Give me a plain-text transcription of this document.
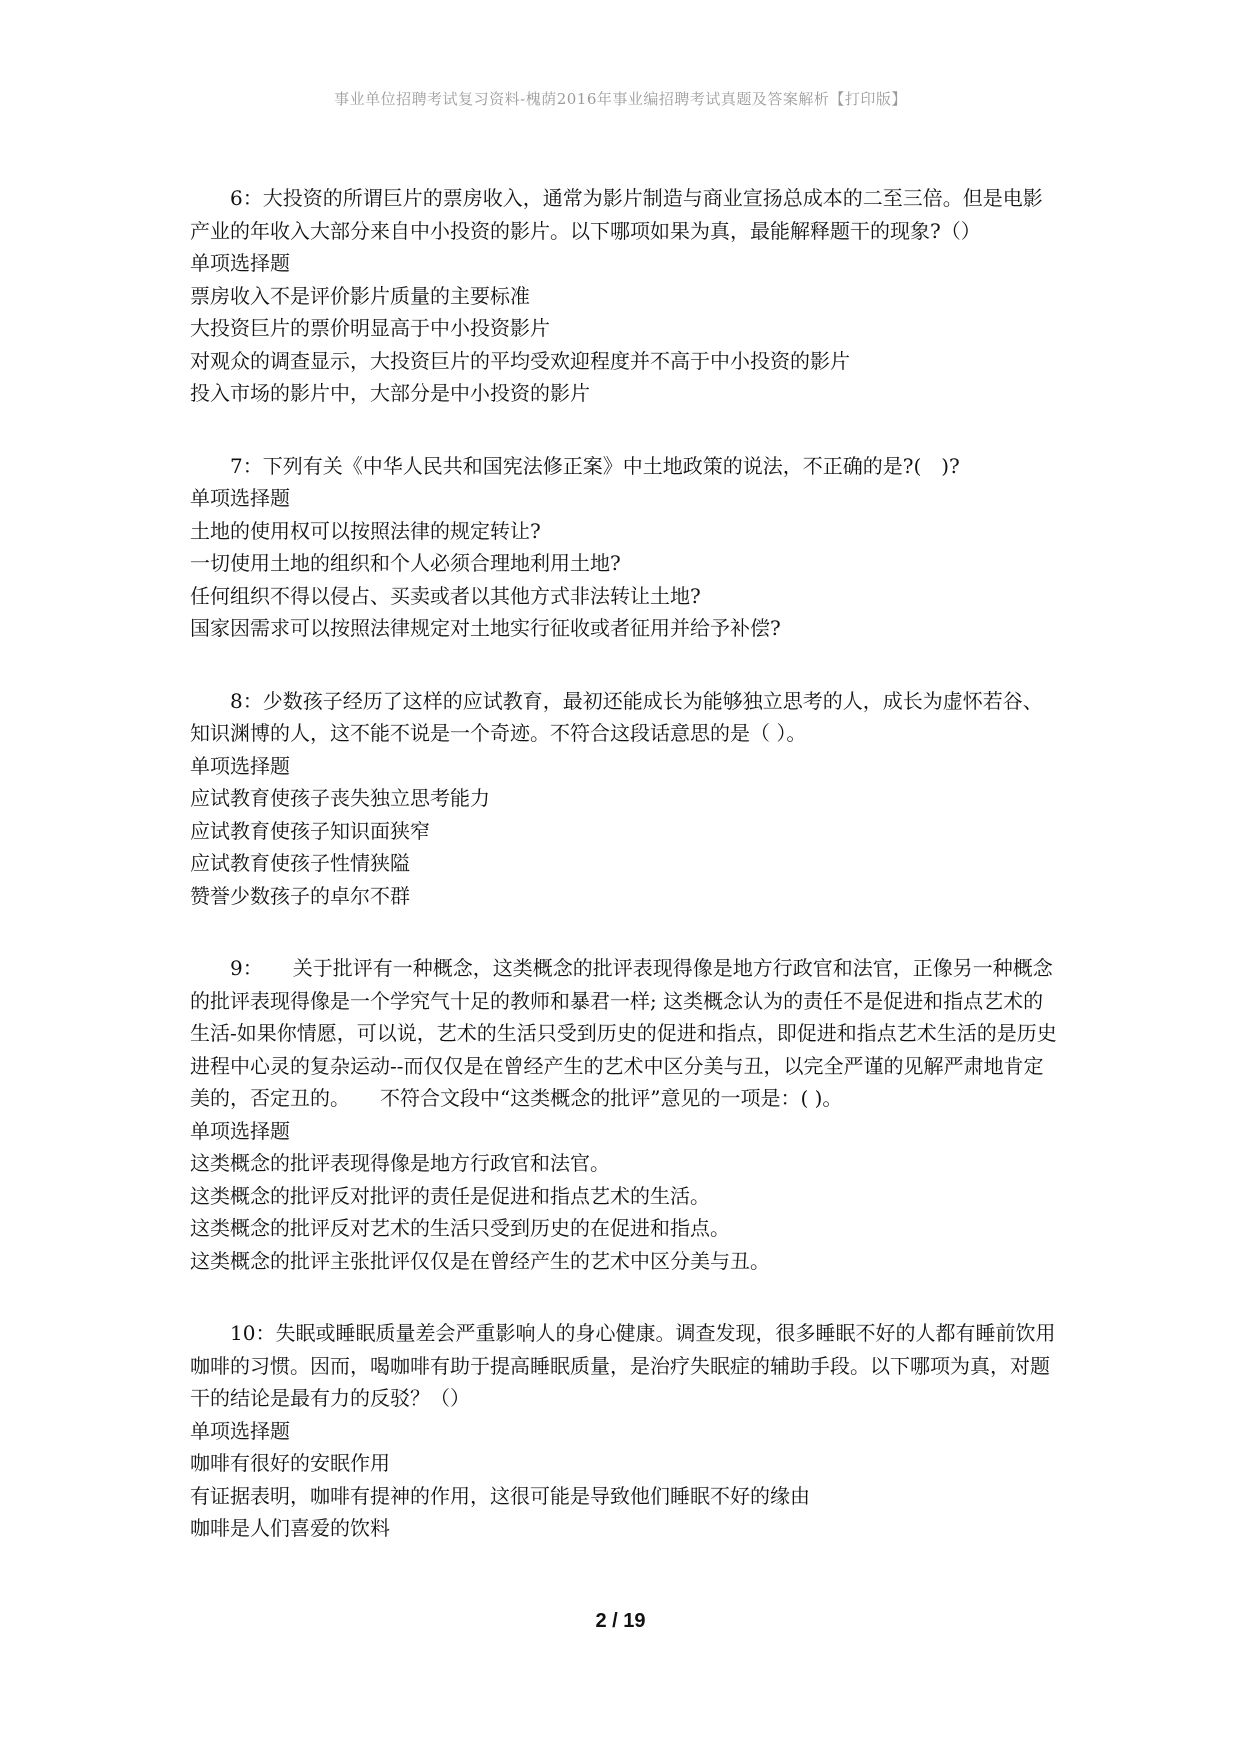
事业单位招聘考试复习资料-槐荫2016年事业编招聘考试真题及答案解析【打印版】

6：大投资的所谓巨片的票房收入，通常为影片制造与商业宣扬总成本的二至三倍。但是电影产业的年收入大部分来自中小投资的影片。以下哪项如果为真，最能解释题干的现象?（）

单项选择题

票房收入不是评价影片质量的主要标准

大投资巨片的票价明显高于中小投资影片

对观众的调查显示，大投资巨片的平均受欢迎程度并不高于中小投资的影片

投入市场的影片中，大部分是中小投资的影片

7：下列有关《中华人民共和国宪法修正案》中土地政策的说法，不正确的是?(　)?

单项选择题

土地的使用权可以按照法律的规定转让?

一切使用土地的组织和个人必须合理地利用土地?

任何组织不得以侵占、买卖或者以其他方式非法转让土地?

国家因需求可以按照法律规定对土地实行征收或者征用并给予补偿?

8：少数孩子经历了这样的应试教育，最初还能成长为能够独立思考的人，成长为虚怀若谷、知识渊博的人，这不能不说是一个奇迹。不符合这段话意思的是（ ）。

单项选择题

应试教育使孩子丧失独立思考能力

应试教育使孩子知识面狭窄

应试教育使孩子性情狭隘

赞誉少数孩子的卓尔不群

9：　　关于批评有一种概念，这类概念的批评表现得像是地方行政官和法官，正像另一种概念的批评表现得像是一个学究气十足的教师和暴君一样; 这类概念认为的责任不是促进和指点艺术的生活-如果你情愿，可以说，艺术的生活只受到历史的促进和指点，即促进和指点艺术生活的是历史进程中心灵的复杂运动--而仅仅是在曾经产生的艺术中区分美与丑，以完全严谨的见解严肃地肯定美的，否定丑的。　　不符合文段中“这类概念的批评”意见的一项是：( )。

单项选择题

这类概念的批评表现得像是地方行政官和法官。

这类概念的批评反对批评的责任是促进和指点艺术的生活。

这类概念的批评反对艺术的生活只受到历史的在促进和指点。

这类概念的批评主张批评仅仅是在曾经产生的艺术中区分美与丑。

10：失眠或睡眠质量差会严重影响人的身心健康。调查发现，很多睡眠不好的人都有睡前饮用咖啡的习惯。因而，喝咖啡有助于提高睡眠质量，是治疗失眠症的辅助手段。以下哪项为真，对题干的结论是最有力的反驳？（）

单项选择题

咖啡有很好的安眠作用

有证据表明，咖啡有提神的作用，这很可能是导致他们睡眠不好的缘由

咖啡是人们喜爱的饮料

2 / 19
